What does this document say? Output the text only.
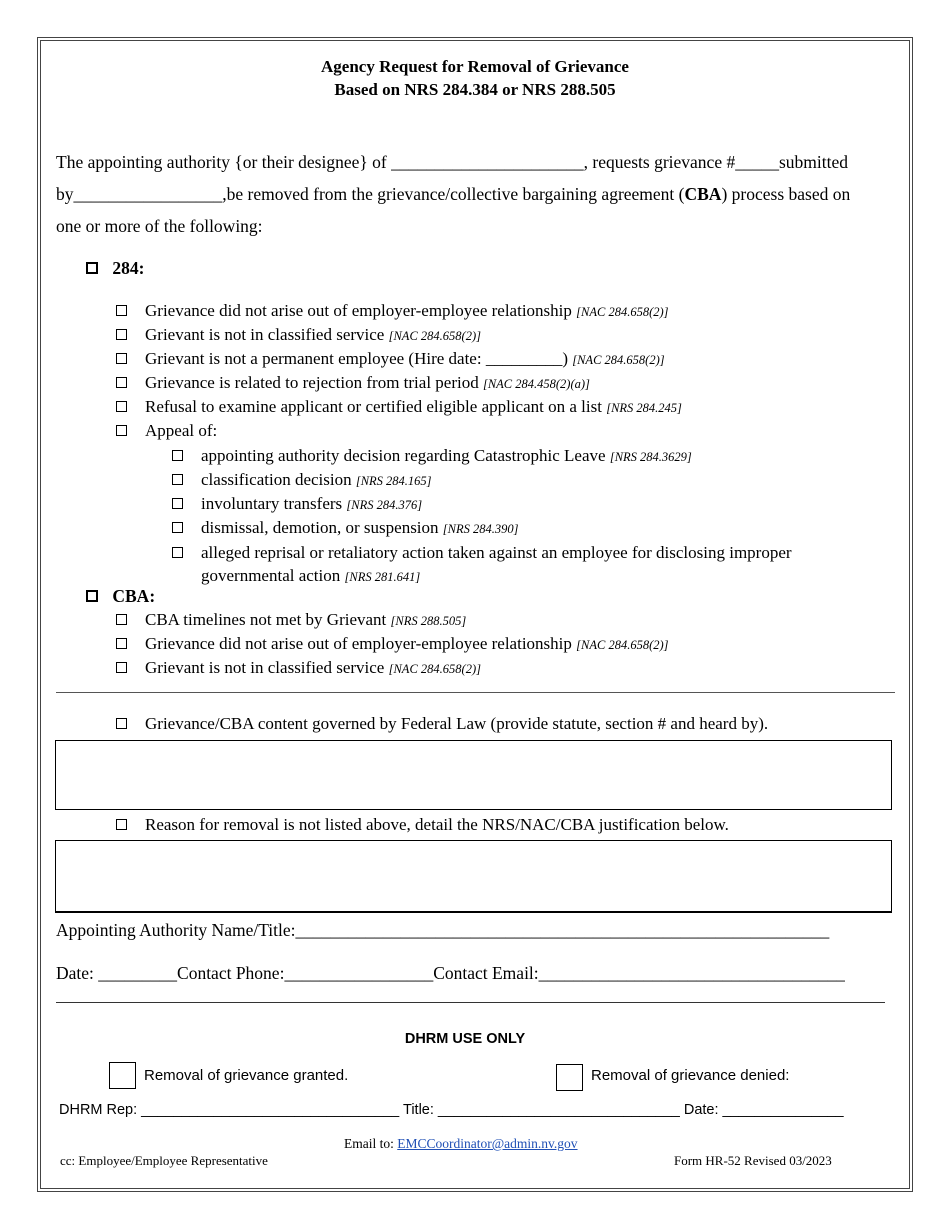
Agency Request for Removal of Grievance
Based on NRS 284.384 or NRS 288.505
The appointing authority {or their designee} of ______________________, requests grievance #_____submitted
by_________________,be removed from the grievance/collective bargaining agreement (CBA) process based on
one or more of the following:
284:
Grievance did not arise out of employer-employee relationship [NAC 284.658(2)]
Grievant is not in classified service [NAC 284.658(2)]
Grievant is not a permanent employee (Hire date: _________) [NAC 284.658(2)]
Grievance is related to rejection from trial period [NAC 284.458(2)(a)]
Refusal to examine applicant or certified eligible applicant on a list [NRS 284.245]
Appeal of:
appointing authority decision regarding Catastrophic Leave [NRS 284.3629]
classification decision [NRS 284.165]
involuntary transfers [NRS 284.376]
dismissal, demotion, or suspension [NRS 284.390]
alleged reprisal or retaliatory action taken against an employee for disclosing improper
governmental action [NRS 281.641]
CBA:
CBA timelines not met by Grievant [NRS 288.505]
Grievance did not arise out of employer-employee relationship [NAC 284.658(2)]
Grievant is not in classified service [NAC 284.658(2)]
Grievance/CBA content governed by Federal Law (provide statute, section # and heard by).
Reason for removal is not listed above, detail the NRS/NAC/CBA justification below.
Appointing Authority Name/Title:_____________________________________________________________
Date: _________Contact Phone:_________________Contact Email:___________________________________
DHRM USE ONLY
Removal of grievance granted.	Removal of grievance denied:
DHRM Rep: ________________________________ Title: ______________________________ Date: _______________
Email to: EMCCoordinator@admin.nv.gov
cc: Employee/Employee Representative	Form HR-52 Revised 03/2023
